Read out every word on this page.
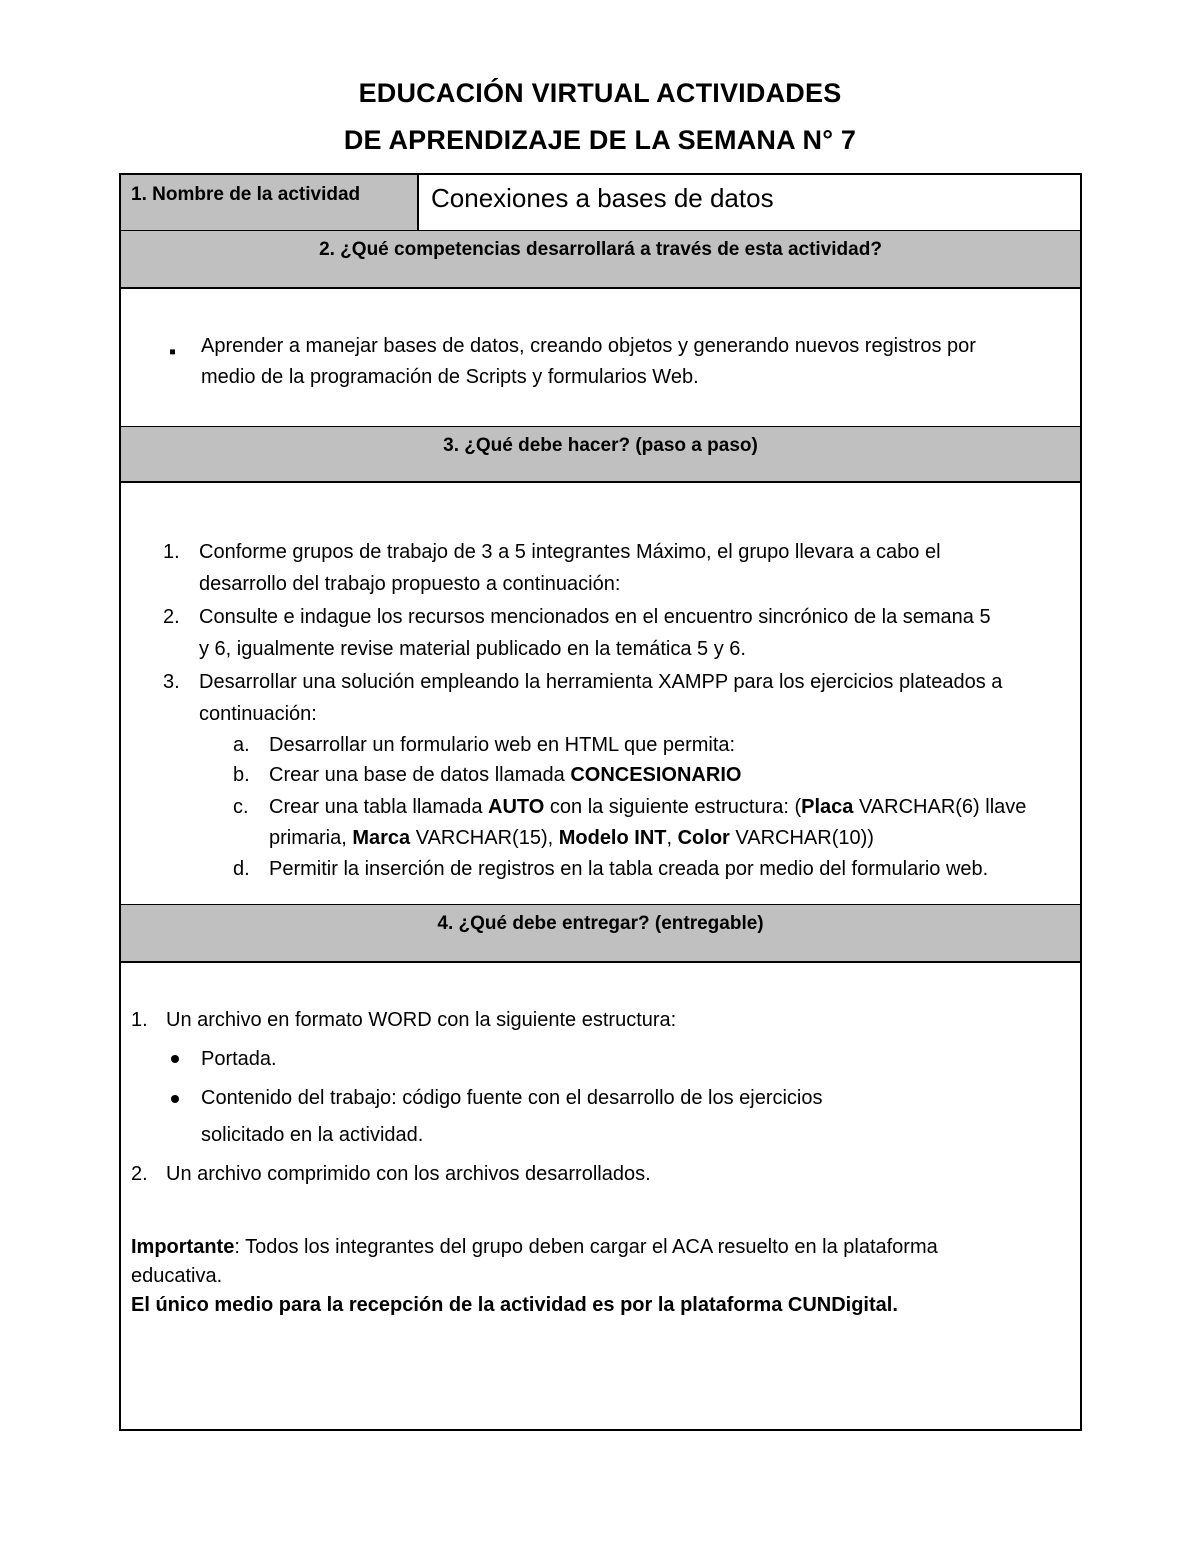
EDUCACIÓN VIRTUAL ACTIVIDADES
DE APRENDIZAJE DE LA SEMANA N° 7
1. Nombre de la actividad	Conexiones a bases de datos
2. ¿Qué competencias desarrollará a través de esta actividad?
▪ Aprender a manejar bases de datos, creando objetos y generando nuevos registros por
medio de la programación de Scripts y formularios Web.
3. ¿Qué debe hacer? (paso a paso)
1. Conforme grupos de trabajo de 3 a 5 integrantes Máximo, el grupo llevara a cabo el
desarrollo del trabajo propuesto a continuación:
2. Consulte e indague los recursos mencionados en el encuentro sincrónico de la semana 5
y 6, igualmente revise material publicado en la temática 5 y 6.
3. Desarrollar una solución empleando la herramienta XAMPP para los ejercicios plateados a
continuación:
a. Desarrollar un formulario web en HTML que permita:
b. Crear una base de datos llamada CONCESIONARIO
c. Crear una tabla llamada AUTO con la siguiente estructura: (Placa VARCHAR(6) llave
primaria, Marca VARCHAR(15), Modelo INT, Color VARCHAR(10))
d. Permitir la inserción de registros en la tabla creada por medio del formulario web.
4. ¿Qué debe entregar? (entregable)
1. Un archivo en formato WORD con la siguiente estructura:
Portada.
Contenido del trabajo: código fuente con el desarrollo de los ejercicios
solicitado en la actividad.
2. Un archivo comprimido con los archivos desarrollados.
Importante: Todos los integrantes del grupo deben cargar el ACA resuelto en la plataforma
educativa.
El único medio para la recepción de la actividad es por la plataforma CUNDigital.
